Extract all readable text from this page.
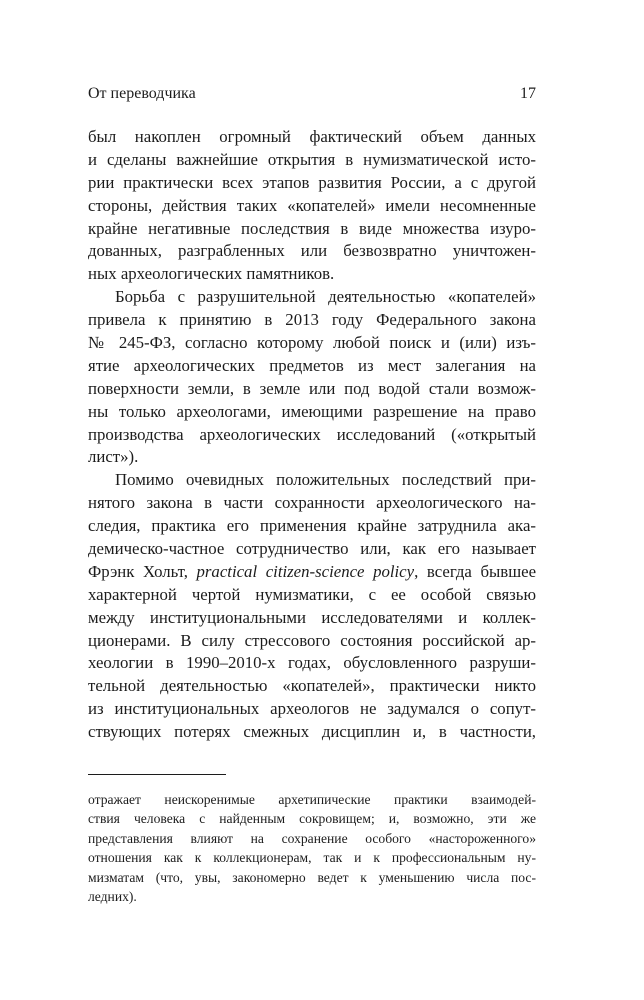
От переводчика	17
был накоплен огромный фактический объем данных
и сделаны важнейшие открытия в нумизматической исто-
рии практически всех этапов развития России, а с другой
стороны, действия таких «копателей» имели несомненные
крайне негативные последствия в виде множества изуро-
дованных, разграбленных или безвозвратно уничтожен-
ных археологических памятников.
Борьба с разрушительной деятельностью «копателей»
привела к принятию в 2013 году Федерального закона
№ 245-ФЗ, согласно которому любой поиск и (или) изъ-
ятие археологических предметов из мест залегания на
поверхности земли, в земле или под водой стали возмож-
ны только археологами, имеющими разрешение на право
производства археологических исследований («открытый
лист»).
Помимо очевидных положительных последствий при-
нятого закона в части сохранности археологического на-
следия, практика его применения крайне затруднила ака-
демическо-частное сотрудничество или, как его называет
Фрэнк Хольт, practical citizen-science policy, всегда бывшее
характерной чертой нумизматики, с ее особой связью
между институциональными исследователями и коллек-
ционерами. В силу стрессового состояния российской ар-
хеологии в 1990–2010-х годах, обусловленного разруши-
тельной деятельностью «копателей», практически никто
из институциональных археологов не задумался о сопут-
ствующих потерях смежных дисциплин и, в частности,
отражает неискоренимые архетипические практики взаимодей-
ствия человека с найденным сокровищем; и, возможно, эти же
представления влияют на сохранение особого «настороженного»
отношения как к коллекционерам, так и к профессиональным ну-
мизматам (что, увы, закономерно ведет к уменьшению числа пос-
ледних).
